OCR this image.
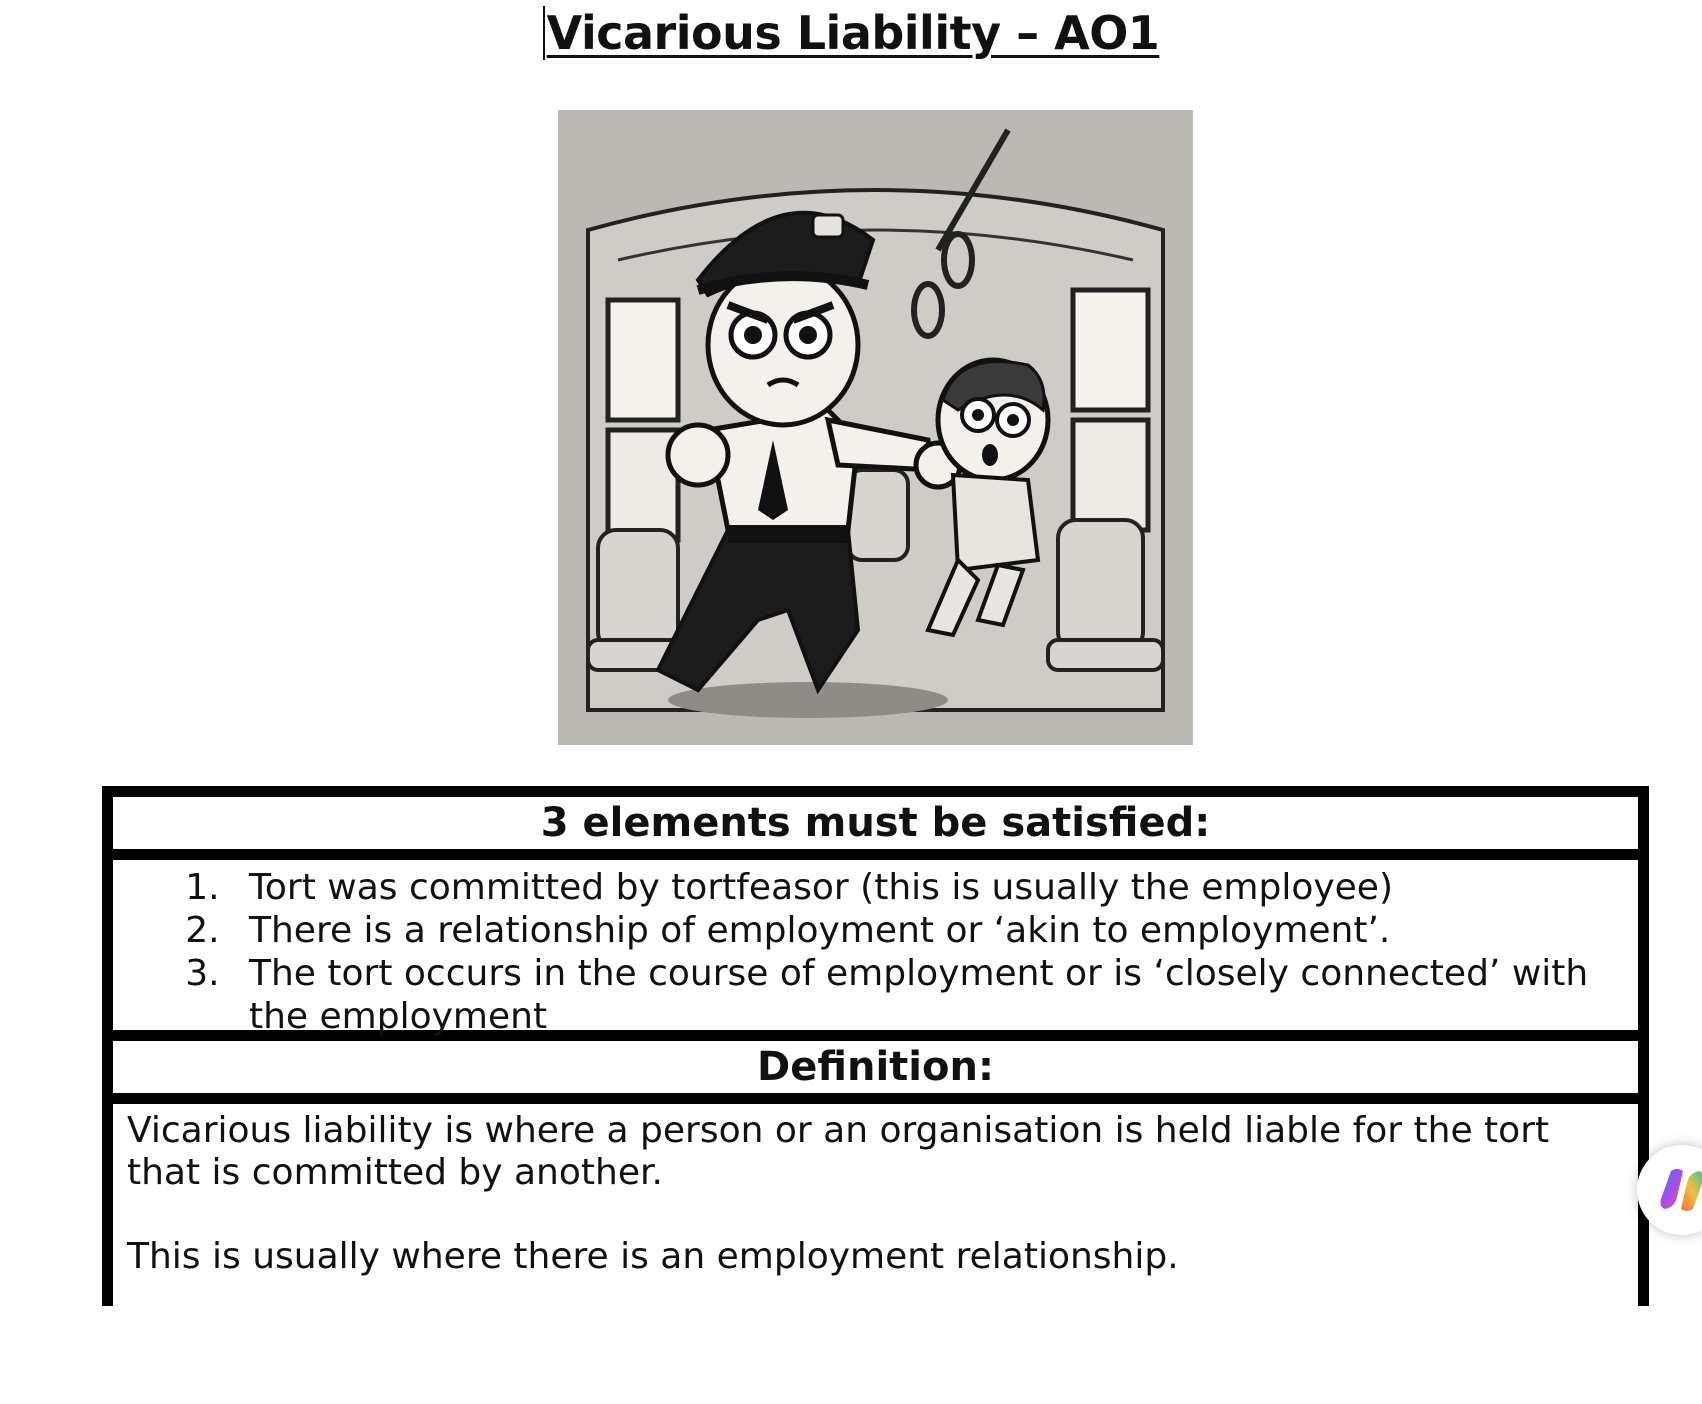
Vicarious Liability – AO1
3 elements must be satisfied:
1. Tort was committed by tortfeasor (this is usually the employee)
2. There is a relationship of employment or ‘akin to employment’.
3. The tort occurs in the course of employment or is ‘closely connected’ with the employment
Definition:

Vicarious liability is where a person or an organisation is held liable for the tort that is committed by another.

This is usually where there is an employment relationship.
